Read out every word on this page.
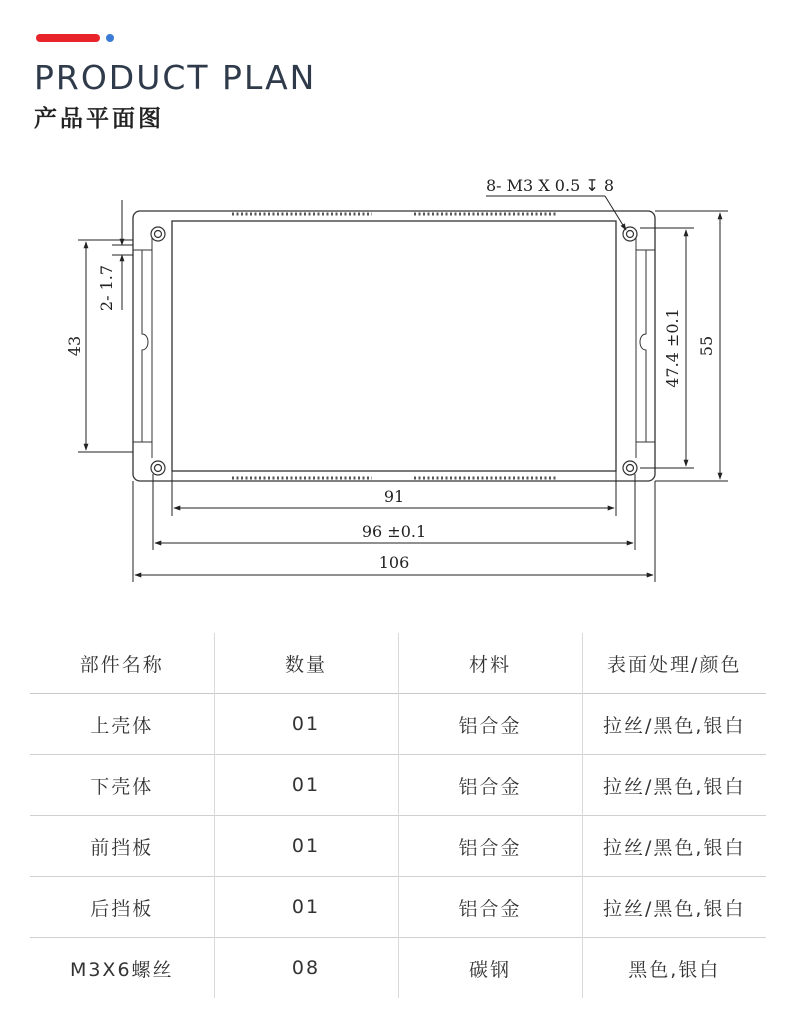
PRODUCT PLAN
产品平面图
8- M3 X 0.5 ↧ 8
43
2- 1.7
47.4 ±0.1 55
91
96 ±0.1
106
部件名称	数量	材料	表面处理/颜色
上壳体	01	铝合金	拉丝/黑色,银白
下壳体	01	铝合金	拉丝/黑色,银白
前挡板	01	铝合金	拉丝/黑色,银白
后挡板	01	铝合金	拉丝/黑色,银白
M3X6螺丝	08	碳钢	黑色,银白
